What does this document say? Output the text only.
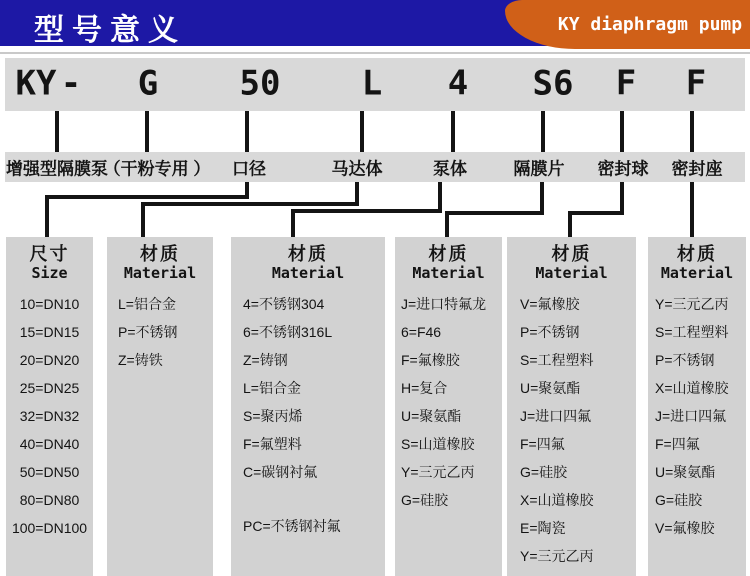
型号意义	KY diaphragm pump
KY - G 50 L 4 S6 F F
增强型隔膜泵
（干粉专用 ） 口径	马达体	泵体	隔膜片 密封球 密封座
尺寸
Size
10=DN10
15=DN15
20=DN20
25=DN25
32=DN32
40=DN40
50=DN50
80=DN80
100=DN100
材质
Material
L=铝合金
P=不锈钢
Z=铸铁
材质
Material
4=不锈钢304
6=不锈钢316L
Z=铸钢
L=铝合金
S=聚丙烯
F=氟塑料
C=碳钢衬氟
PC=不锈钢衬氟
材质
Material
J=进口特氟龙
6=F46
F=氟橡胶
H=复合
U=聚氨酯
S=山道橡胶
Y=三元乙丙
G=硅胶
材质
Material
V=氟橡胶
P=不锈钢
S=工程塑料
U=聚氨酯
J=进口四氟
F=四氟
G=硅胶
X=山道橡胶
E=陶瓷
Y=三元乙丙
材质
Material
Y=三元乙丙
S=工程塑料
P=不锈钢
X=山道橡胶
J=进口四氟
F=四氟
U=聚氨酯
G=硅胶
V=氟橡胶
